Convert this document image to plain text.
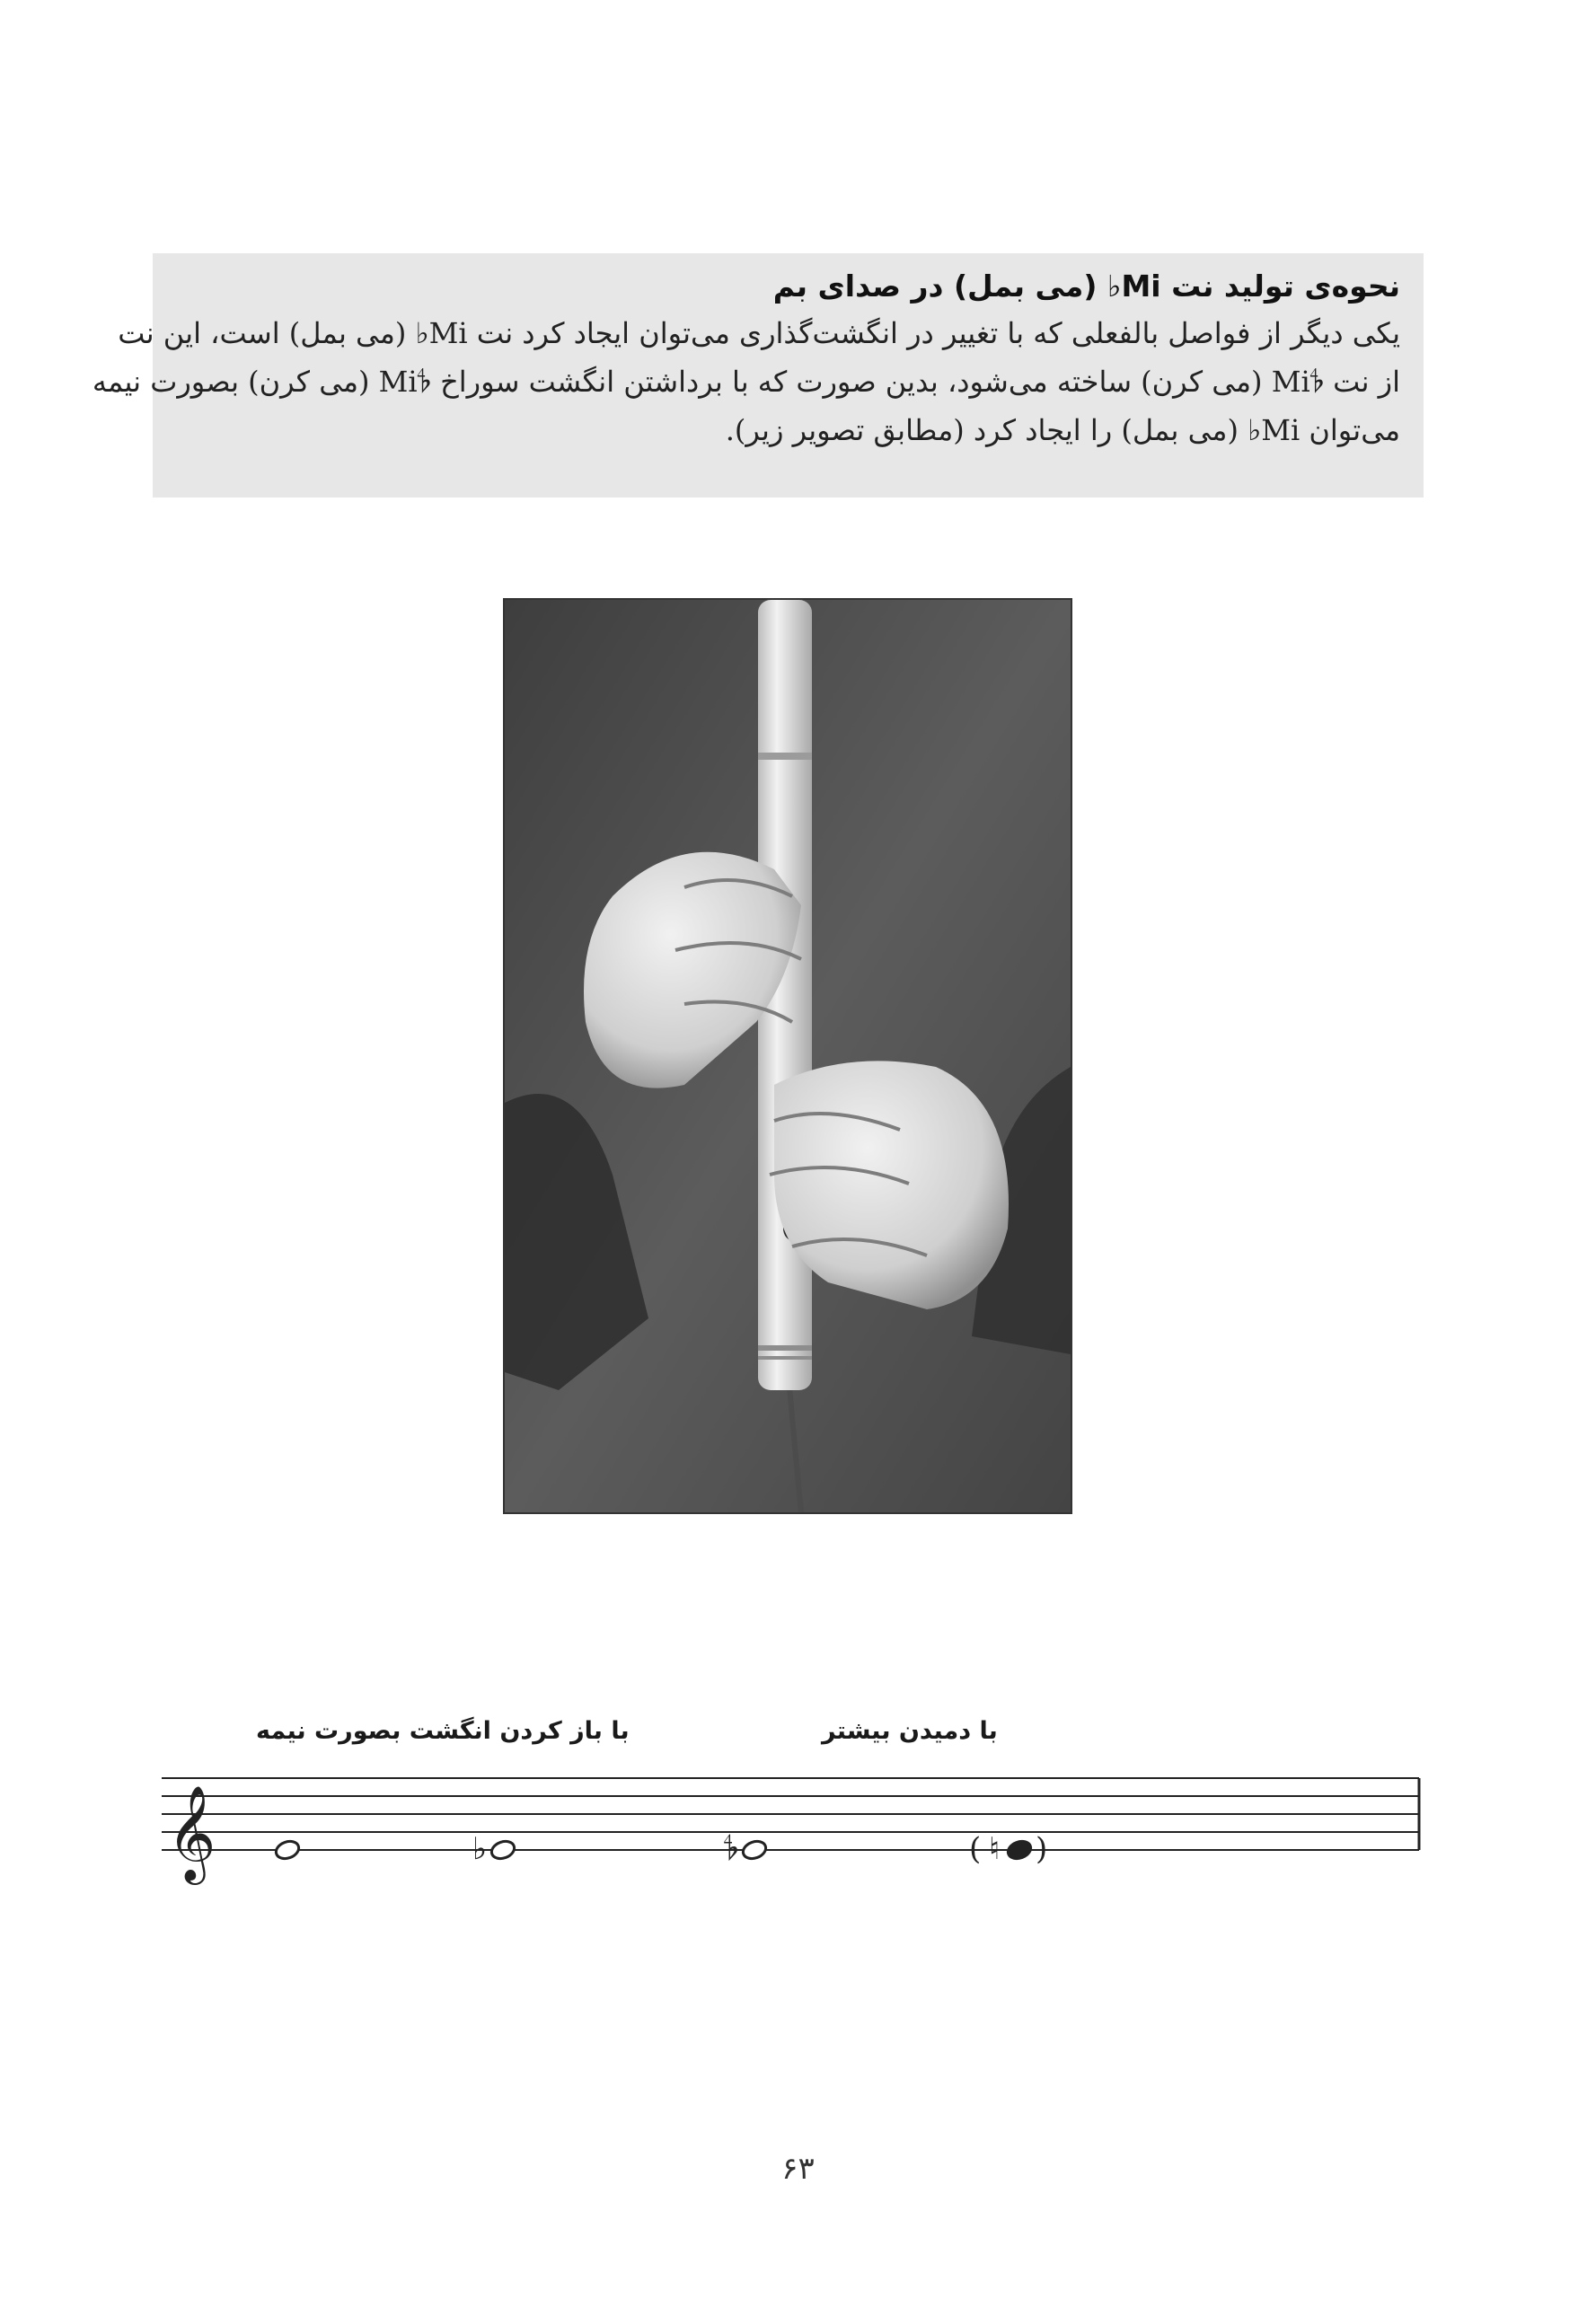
نحوه‌ی تولید نت Mi♭ (می بمل) در صدای بم

یکی دیگر از فواصل بالفعلی که با تغییر در انگشت‌گذاری می‌توان ایجاد کرد نت Mi♭ (می بمل) است، این نت

از نت Mi𝄳 (می کرن) ساخته می‌شود، بدین صورت که با برداشتن انگشت سوراخ Mi𝄳 (می کرن) بصورت نیمه

می‌توان Mi♭ (می بمل) را ایجاد کرد (مطابق تصویر زیر).

با دمیدن بیشتر
با باز کردن انگشت بصورت نیمه
𝄞	♭	𝄳	♮
( )
۶۳
